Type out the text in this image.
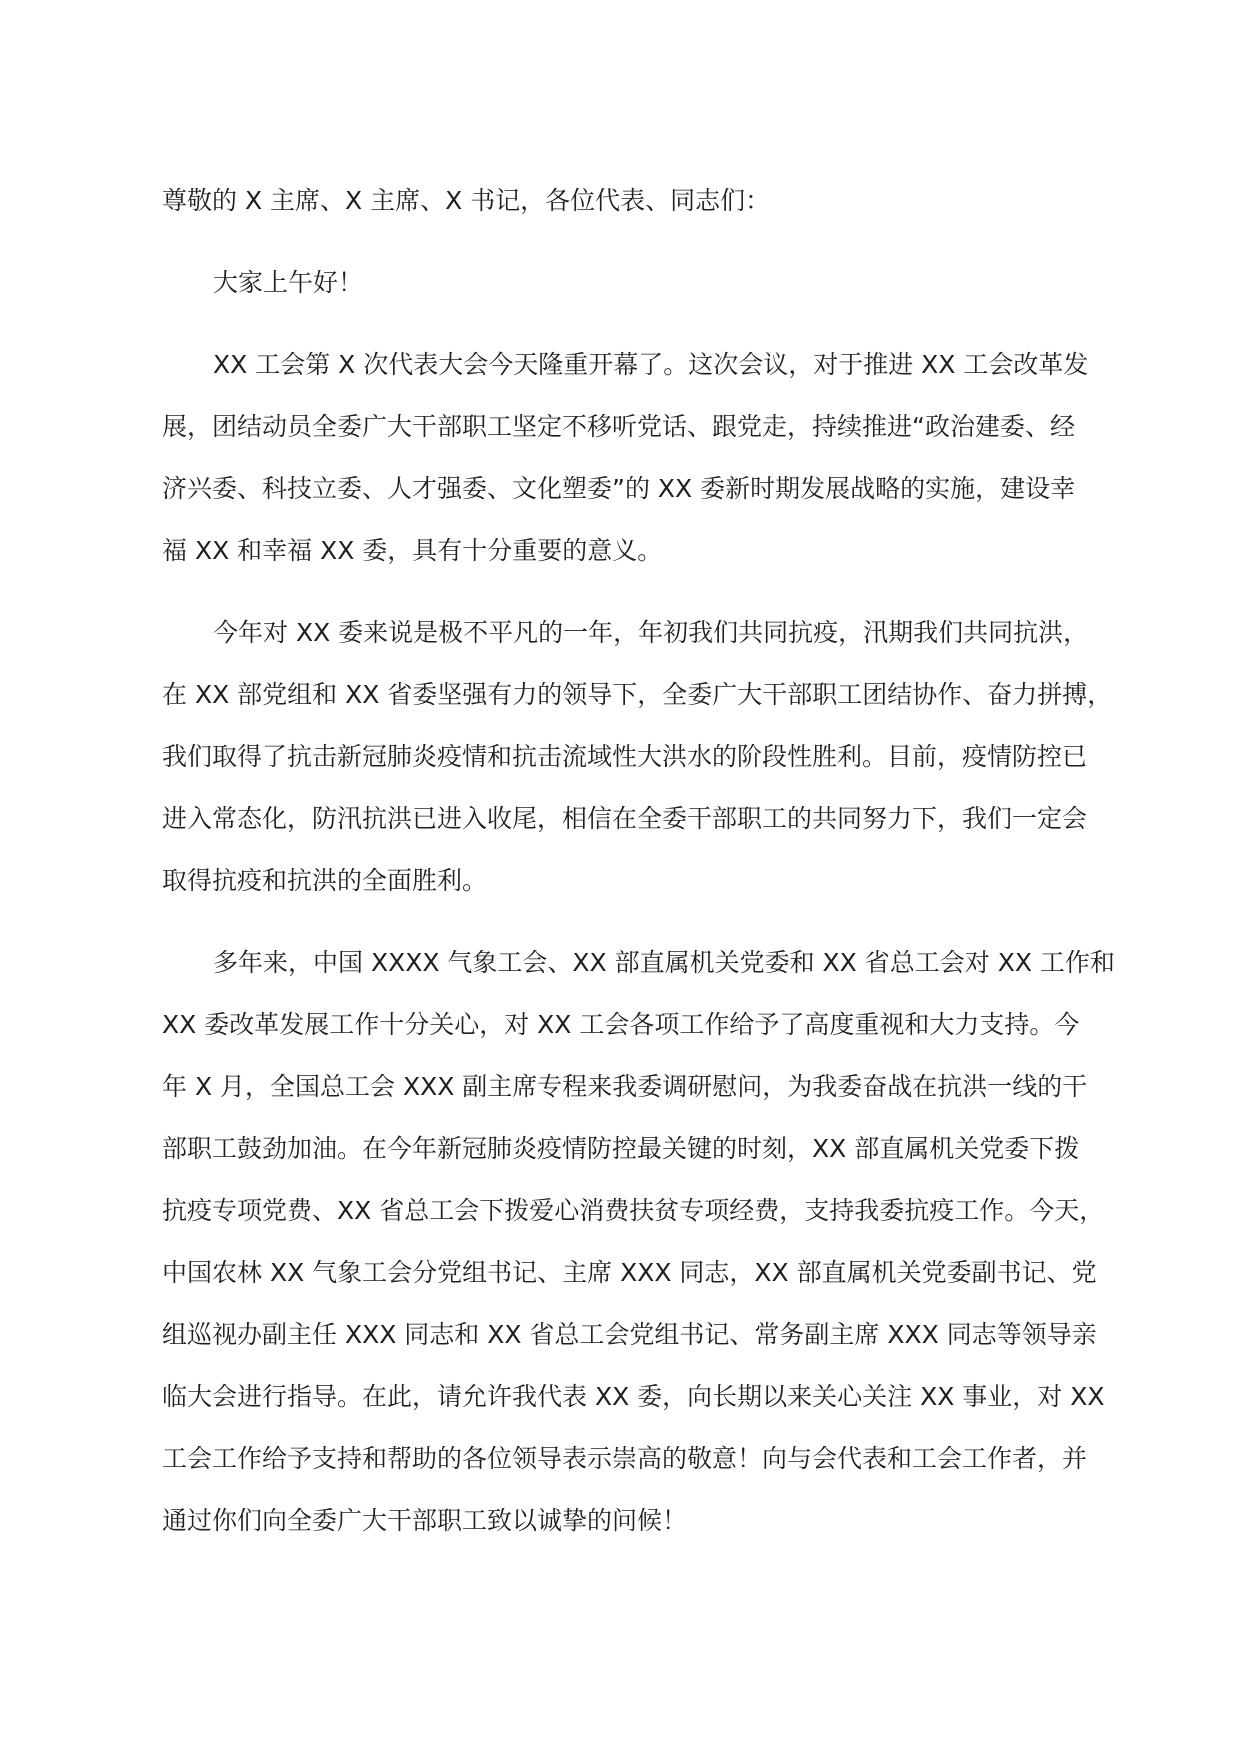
尊敬的 X 主席、X 主席、X 书记，各位代表、同志们：
大家上午好！
XX 工会第 X 次代表大会今天隆重开幕了。这次会议，对于推进 XX 工会改革发
展，团结动员全委广大干部职工坚定不移听党话、跟党走，持续推进“政治建委、经
济兴委、科技立委、人才强委、文化塑委”的 XX 委新时期发展战略的实施，建设幸
福 XX 和幸福 XX 委，具有十分重要的意义。
今年对 XX 委来说是极不平凡的一年，年初我们共同抗疫，汛期我们共同抗洪，
在 XX 部党组和 XX 省委坚强有力的领导下，全委广大干部职工团结协作、奋力拼搏，
我们取得了抗击新冠肺炎疫情和抗击流域性大洪水的阶段性胜利。目前，疫情防控已
进入常态化，防汛抗洪已进入收尾，相信在全委干部职工的共同努力下，我们一定会
取得抗疫和抗洪的全面胜利。
多年来，中国 XXXX 气象工会、XX 部直属机关党委和 XX 省总工会对 XX 工作和
XX 委改革发展工作十分关心，对 XX 工会各项工作给予了高度重视和大力支持。今
年 X 月，全国总工会 XXX 副主席专程来我委调研慰问，为我委奋战在抗洪一线的干
部职工鼓劲加油。在今年新冠肺炎疫情防控最关键的时刻，XX 部直属机关党委下拨
抗疫专项党费、XX 省总工会下拨爱心消费扶贫专项经费，支持我委抗疫工作。今天，
中国农林 XX 气象工会分党组书记、主席 XXX 同志，XX 部直属机关党委副书记、党
组巡视办副主任 XXX 同志和 XX 省总工会党组书记、常务副主席 XXX 同志等领导亲
临大会进行指导。在此，请允许我代表 XX 委，向长期以来关心关注 XX 事业，对 XX
工会工作给予支持和帮助的各位领导表示崇高的敬意！向与会代表和工会工作者，并
通过你们向全委广大干部职工致以诚挚的问候！
